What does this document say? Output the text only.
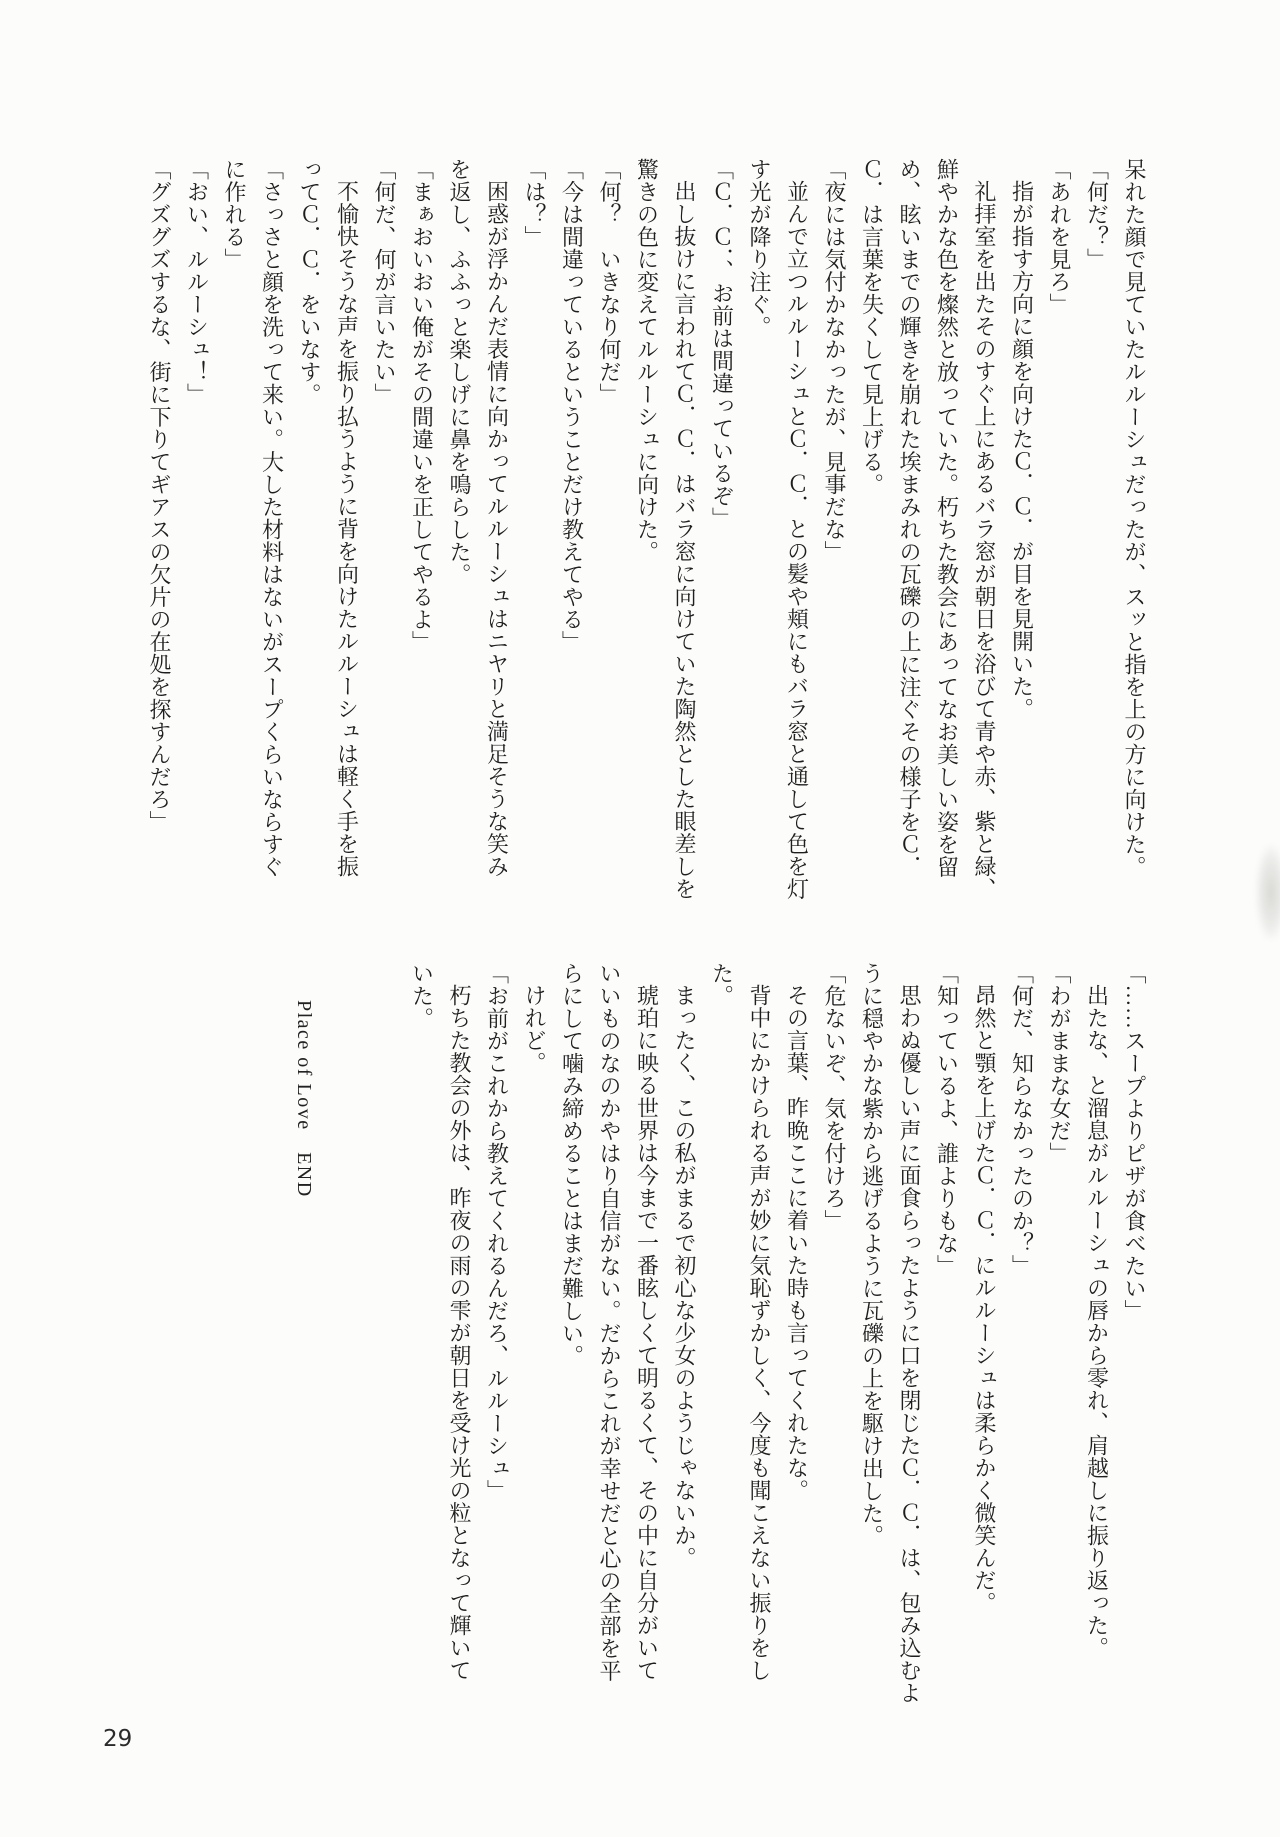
呆れた顔で見ていたルルーシュだったが、スッと指を上の方に向けた。

「何だ？」

「あれを見ろ」

指が指す方向に顔を向けたＣ．Ｃ．が目を見開いた。

礼拝室を出たそのすぐ上にあるバラ窓が朝日を浴びて青や赤、紫と緑、

鮮やかな色を燦然と放っていた。朽ちた教会にあってなお美しい姿を留

め、眩いまでの輝きを崩れた埃まみれの瓦礫の上に注ぐその様子をＣ．

Ｃ．は言葉を失くして見上げる。

「夜には気付かなかったが、見事だな」

並んで立つルルーシュとＣ．Ｃ．との髪や頬にもバラ窓と通して色を灯

す光が降り注ぐ。

「Ｃ．Ｃ．、お前は間違っているぞ」

出し抜けに言われてＣ．Ｃ．はバラ窓に向けていた陶然とした眼差しを

驚きの色に変えてルルーシュに向けた。

「何？　いきなり何だ」

「今は間違っているということだけ教えてやる」

「は？」

困惑が浮かんだ表情に向かってルルーシュはニヤリと満足そうな笑み

を返し、ふふっと楽しげに鼻を鳴らした。

「まぁおいおい俺がその間違いを正してやるよ」

「何だ、何が言いたい」

不愉快そうな声を振り払うように背を向けたルルーシュは軽く手を振

ってＣ．Ｃ．をいなす。

「さっさと顔を洗って来い。大した材料はないがスープくらいならすぐ

に作れる」

「おい、ルルーシュ！」

「グズグズするな、街に下りてギアスの欠片の在処を探すんだろ」

「……スープよりピザが食べたい」

出たな、と溜息がルルーシュの唇から零れ、肩越しに振り返った。

「わがままな女だ」

「何だ、知らなかったのか？」

昂然と顎を上げたＣ．Ｃ．にルルーシュは柔らかく微笑んだ。

「知っているよ、誰よりもな」

思わぬ優しい声に面食らったように口を閉じたＣ．Ｃ．は、包み込むよ

うに穏やかな紫から逃げるように瓦礫の上を駆け出した。

「危ないぞ、気を付けろ」

その言葉、昨晩ここに着いた時も言ってくれたな。

背中にかけられる声が妙に気恥ずかしく、今度も聞こえない振りをし

た。

まったく、この私がまるで初心な少女のようじゃないか。

琥珀に映る世界は今まで一番眩しくて明るくて、その中に自分がいて

いいものなのかやはり自信がない。だからこれが幸せだと心の全部を平

らにして噛み締めることはまだ難しい。

けれど。

「お前がこれから教えてくれるんだろ、ルルーシュ」

朽ちた教会の外は、昨夜の雨の雫が朝日を受け光の粒となって輝いて

いた。

Place of Love　END
29
